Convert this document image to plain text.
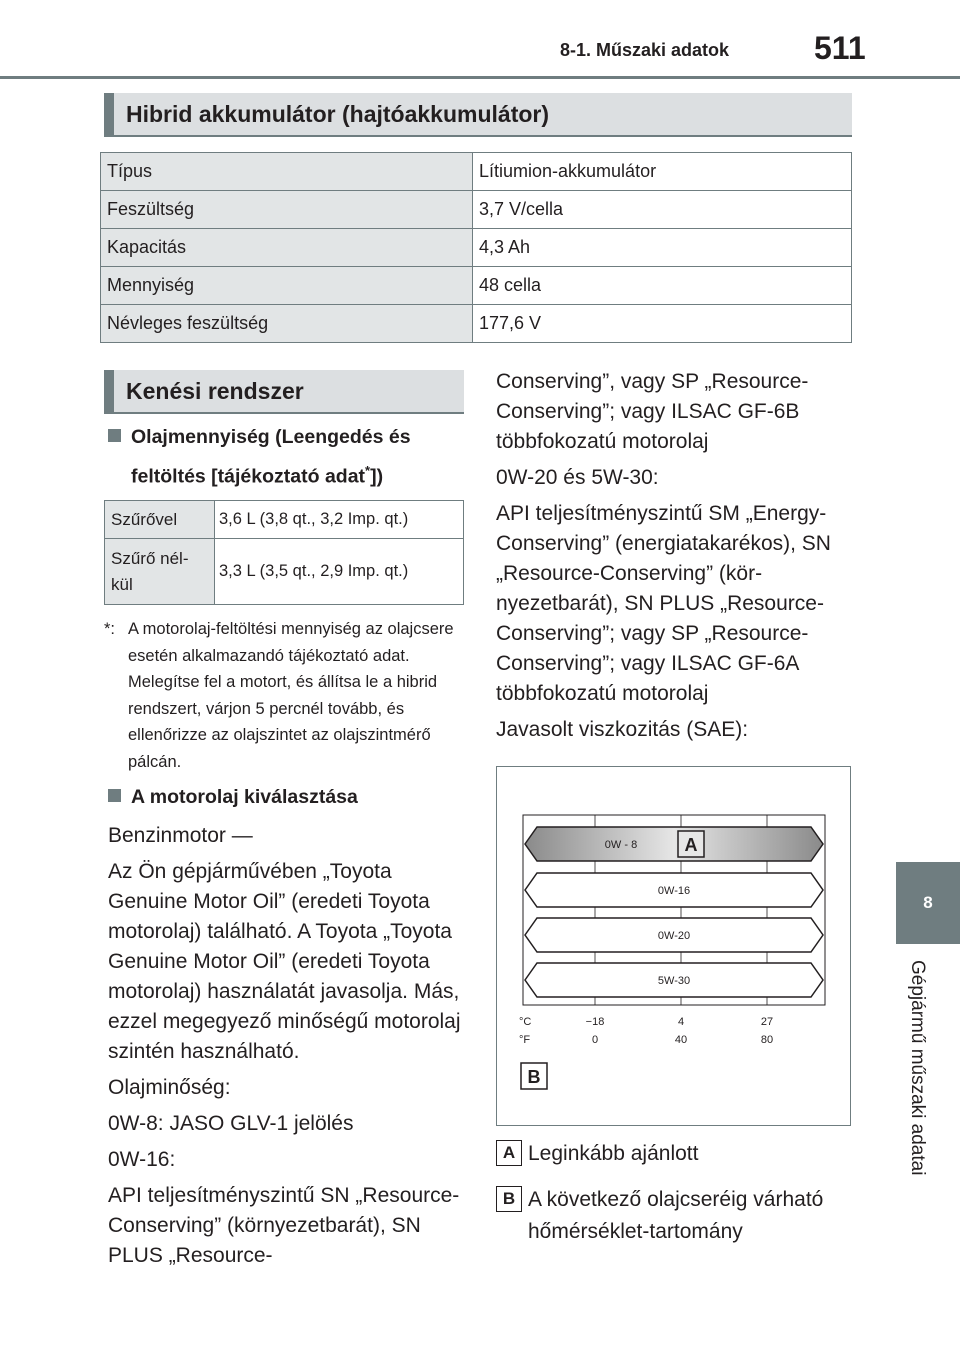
8-1. Műszaki adatok	511
8
Gépjármű műszaki adatai
Hibrid akkumulátor (hajtóakkumulátor)
Típus	Lítiumion-akkumulátor
Feszültség	3,7 V/cella
Kapacitás	4,3 Ah
Mennyiség	48 cella
Névleges feszültség	177,6 V
Kenési rendszer
Olajmennyiség (Leengedés és
feltöltés [tájékoztató adat*])
Szűrővel	3,6 L (3,8 qt., 3,2 Imp. qt.)
Szűrő nél-
kül	3,3 L (3,5 qt., 2,9 Imp. qt.)
*: A motorolaj-feltöltési mennyiség az olajcsere esetén alkalmazandó tájékoztató adat. Melegítse fel a motort, és állítsa le a hibrid rendszert, várjon 5 percnél tovább, és ellenőrizze az olajszintet az olajszintmérő pálcán.
A motorolaj kiválasztása

Benzinmotor —

Az Ön gépjárművében „Toyota Genuine Motor Oil” (eredeti Toyota motorolaj) található. A Toyota „Toyota Genuine Motor Oil” (eredeti Toyota motorolaj) használatát javasolja. Más, ezzel megegyező minőségű motorolaj szintén használható.

Olajminőség:

0W-8: JASO GLV-1 jelölés

0W-16:

API teljesítményszintű SN „Resource-Conserving” (környezetbarát), SN PLUS „Resource-

Conserving”, vagy SP „Resource-Conserving”; vagy ILSAC GF-6B többfokozatú motorolaj

0W-20 és 5W-30:

API teljesítményszintű SM „Energy-Conserving” (energiatakarékos), SN „Resource-Conserving” (környezetbarát), SN PLUS „Resource-Conserving”; vagy SP „Resource-Conserving”; vagy ILSAC GF-6A többfokozatú motorolaj

Javasolt viszkozitás (SAE):

0W - 8
0W-16
0W-20
5W-30
A
°C
°F
−18	4	27
0	40	80
B
A Leginkább ajánlott
B A következő olajcseréig várható
hőmérséklet-tartomány
